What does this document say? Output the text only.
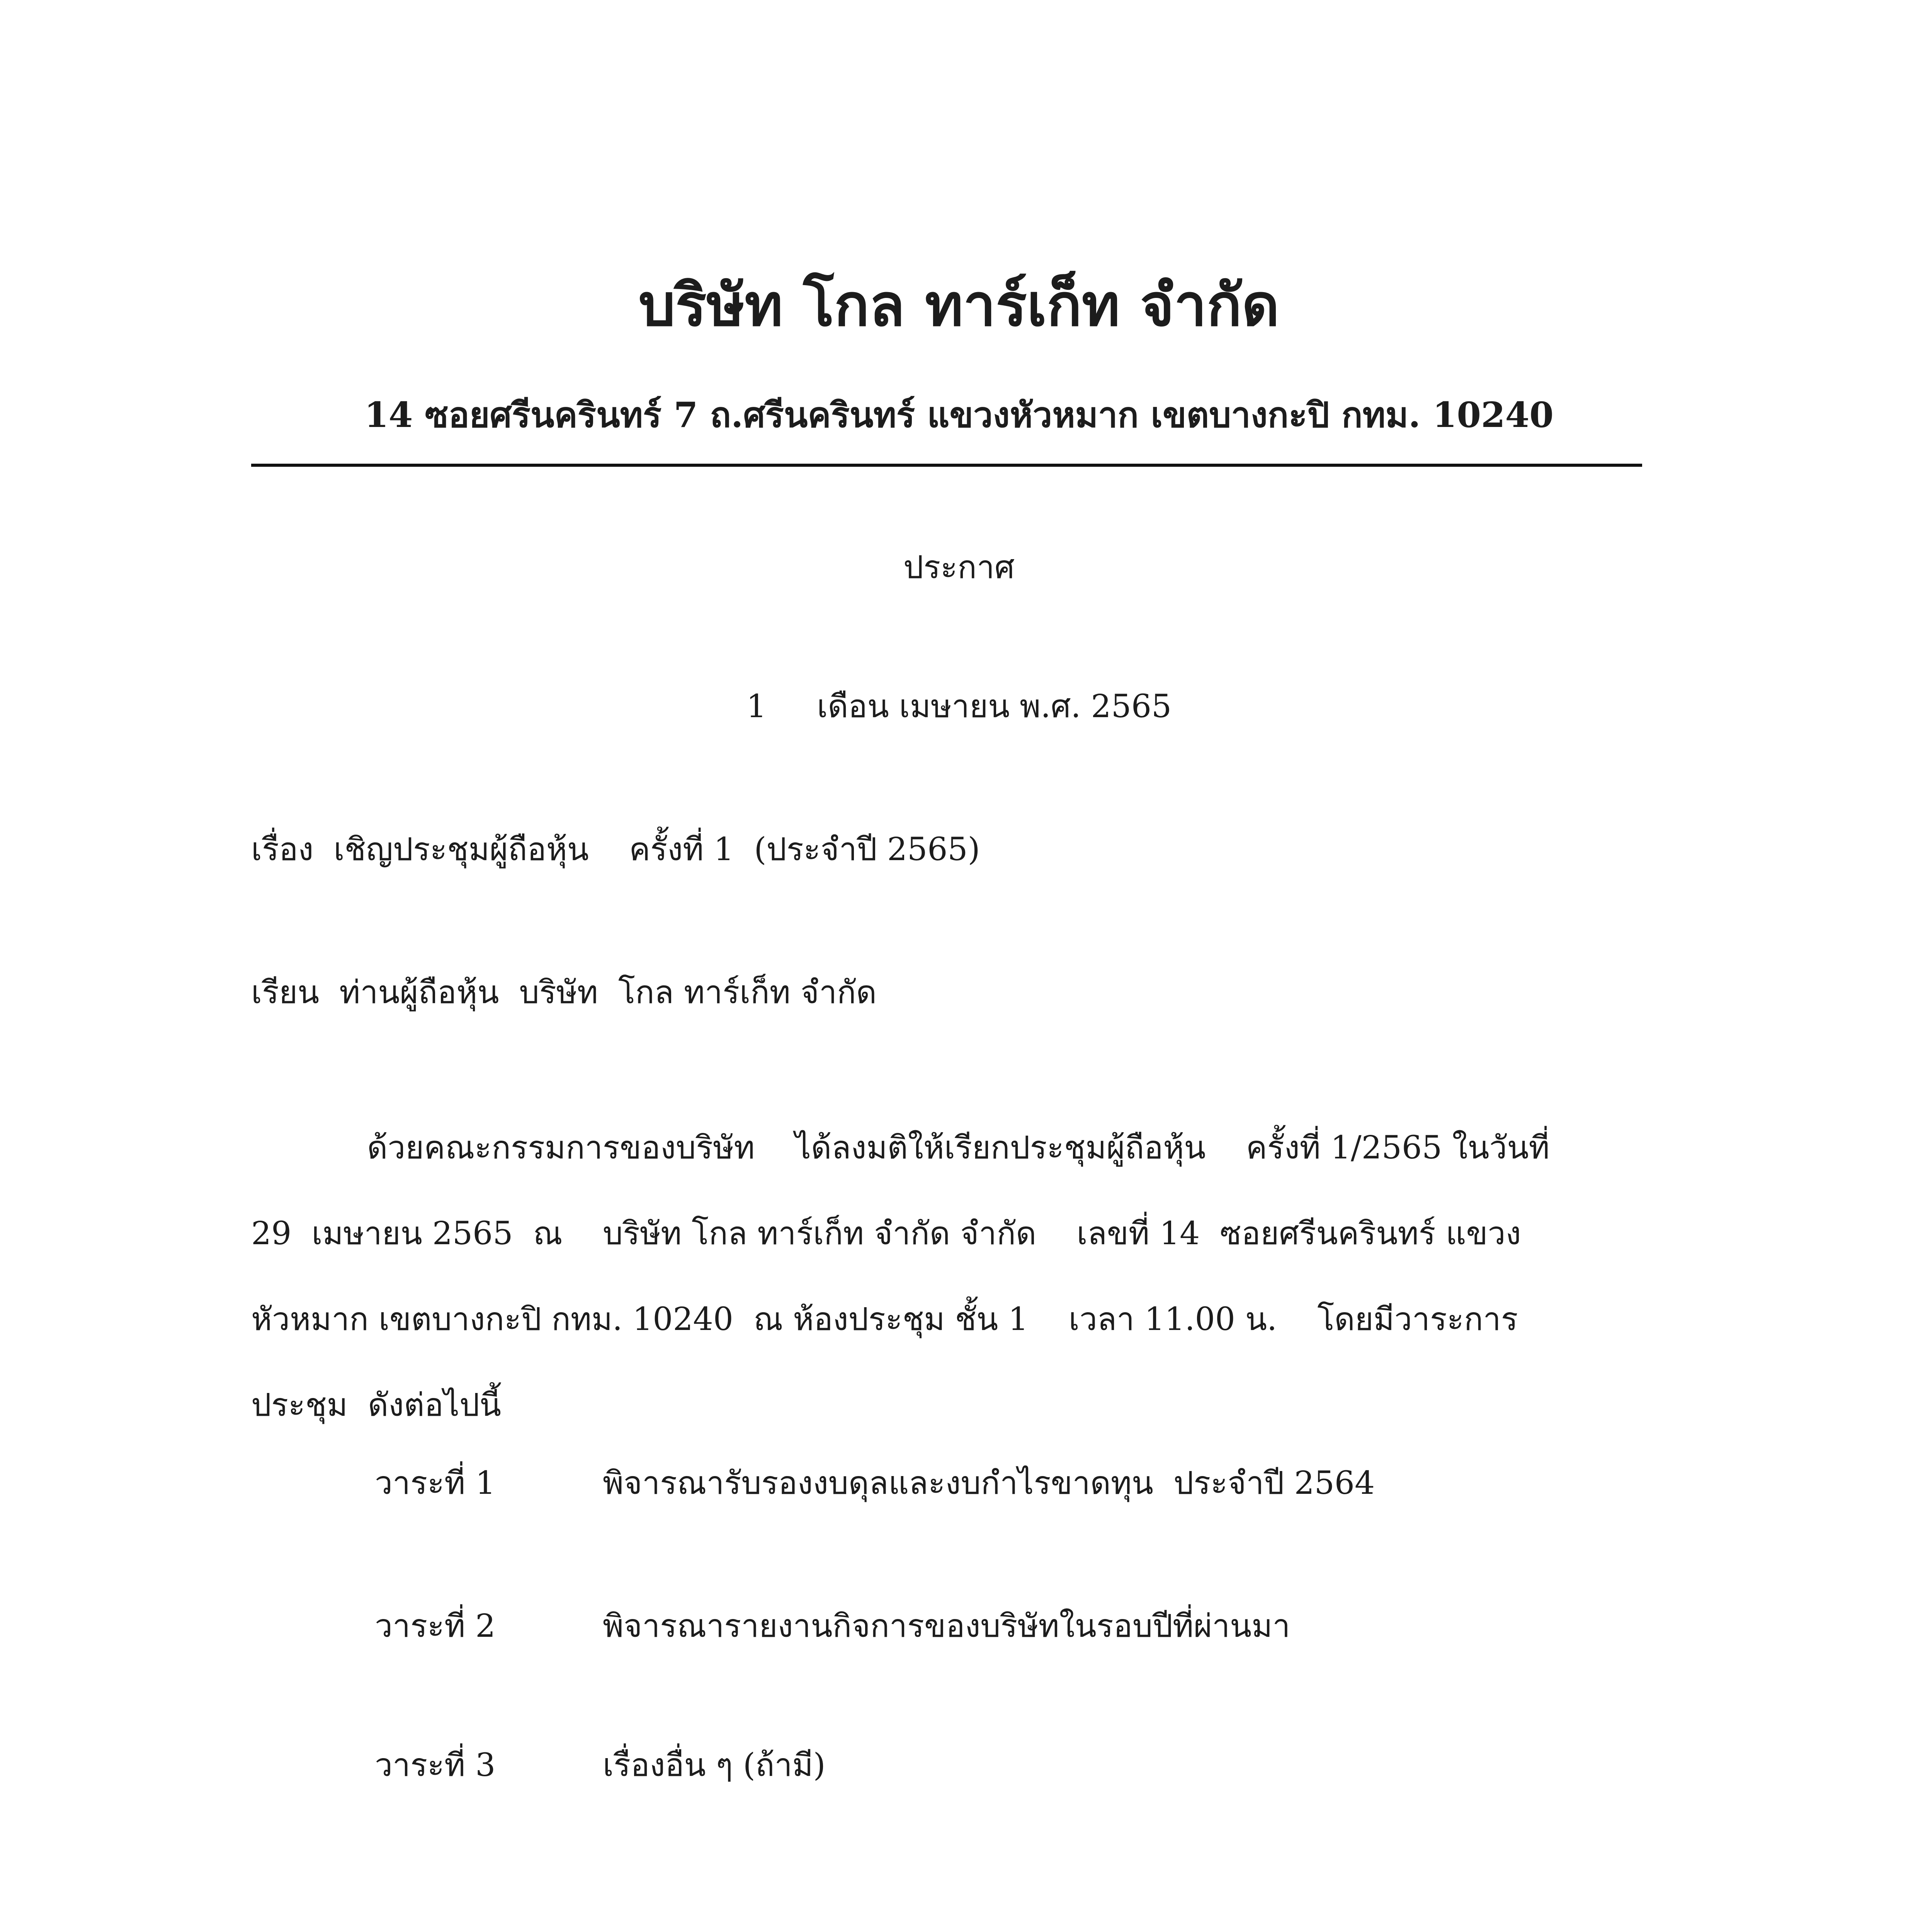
บริษัท โกล ทาร์เก็ท จำกัด
14 ซอยศรีนครินทร์ 7 ถ.ศรีนครินทร์ แขวงหัวหมาก เขตบางกะปิ กทม. 10240
ประกาศ
1     เดือน เมษายน พ.ศ. 2565
เรื่อง  เชิญประชุมผู้ถือหุ้น    ครั้งที่ 1  (ประจำปี 2565)
เรียน  ท่านผู้ถือหุ้น  บริษัท  โกล ทาร์เก็ท จำกัด
ด้วยคณะกรรมการของบริษัท    ได้ลงมติให้เรียกประชุมผู้ถือหุ้น    ครั้งที่ 1/2565 ในวันที่ 29  เมษายน 2565  ณ    บริษัท โกล ทาร์เก็ท จำกัด จำกัด    เลขที่ 14  ซอยศรีนครินทร์ แขวงหัวหมาก เขตบางกะปิ กทม. 10240  ณ ห้องประชุม ชั้น 1    เวลา 11.00 น.    โดยมีวาระการประชุม  ดังต่อไปนี้
วาระที่ 1	พิจารณารับรองงบดุลและงบกำไรขาดทุน  ประจำปี 2564
วาระที่ 2	พิจารณารายงานกิจการของบริษัทในรอบปีที่ผ่านมา
วาระที่ 3	เรื่องอื่น ๆ (ถ้ามี)
